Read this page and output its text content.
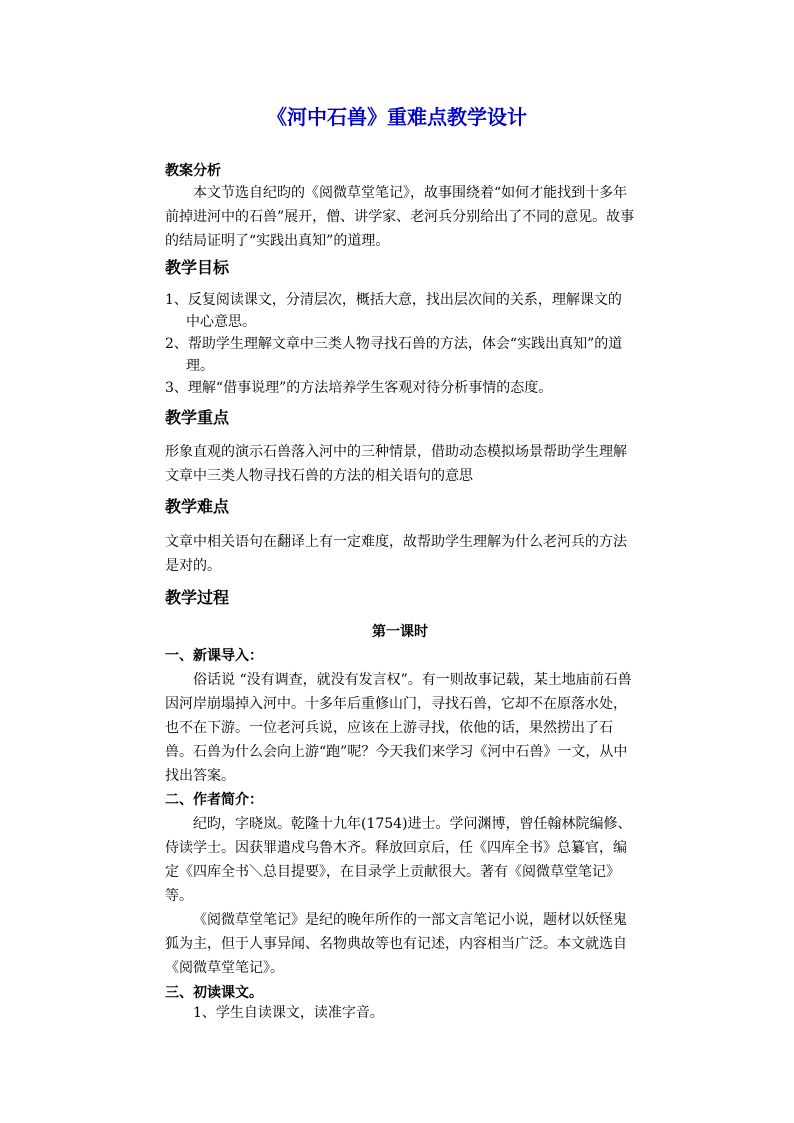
《河中石兽》重难点教学设计

教案分析

本文节选自纪昀的《阅微草堂笔记》，故事围绕着“如何才能找到十多年前掉进河中的石兽”展开，僧、讲学家、老河兵分别给出了不同的意见。故事的结局证明了“实践出真知”的道理。

教学目标

1、反复阅读课文，分清层次，概括大意，找出层次间的关系，理解课文的中心意思。

2、帮助学生理解文章中三类人物寻找石兽的方法，体会“实践出真知”的道理。

3、理解“借事说理”的方法培养学生客观对待分析事情的态度。

教学重点

形象直观的演示石兽落入河中的三种情景，借助动态模拟场景帮助学生理解文章中三类人物寻找石兽的方法的相关语句的意思

教学难点

文章中相关语句在翻译上有一定难度，故帮助学生理解为什么老河兵的方法是对的。

教学过程

第一课时
一、新课导入：

俗话说 “没有调查，就没有发言权”。有一则故事记载，某土地庙前石兽因河岸崩塌掉入河中。十多年后重修山门，寻找石兽，它却不在原落水处，也不在下游。一位老河兵说，应该在上游寻找，依他的话，果然捞出了石兽。石兽为什么会向上游“跑”呢？今天我们来学习《河中石兽》一文，从中找出答案。

二、作者简介：

纪昀，字晓岚。乾隆十九年(1754)进士。学问渊博，曾任翰林院编修、侍读学士。因获罪遣戍乌鲁木齐。释放回京后，任《四库全书》总纂官，编定《四库全书＼总目提要》，在目录学上贡献很大。著有《阅微草堂笔记》等。

《阅微草堂笔记》是纪的晚年所作的一部文言笔记小说，题材以妖怪鬼狐为主，但于人事异闻、名物典故等也有记述，内容相当广泛。本文就选自《阅微草堂笔记》。

三、初读课文。

1、学生自读课文，读准字音。
